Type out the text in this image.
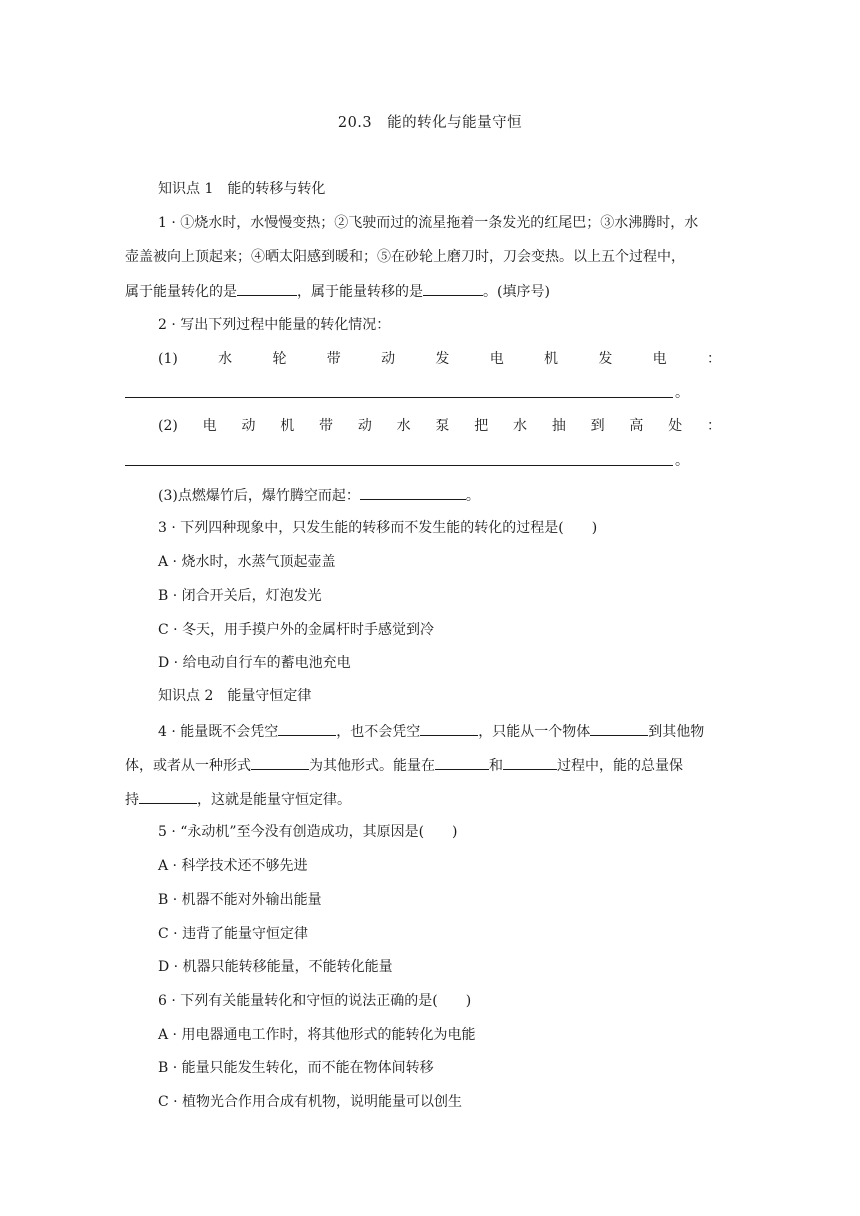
20.3　能的转化与能量守恒
知识点 1　能的转移与转化
1 · ①烧水时，水慢慢变热；②飞驶而过的流星拖着一条发光的红尾巴；③水沸腾时，水
壶盖被向上顶起来；④晒太阳感到暖和；⑤在砂轮上磨刀时，刀会变热。以上五个过程中，
属于能量转化的是	，属于能量转移的是	。(填序号)
2 · 写出下列过程中能量的转化情况：
(1)	水	轮	带	动	发	电	机	发	电	：
。
(2) 电 动 机 带 动 水 泵 把 水 抽 到 高 处 ：
。
(3)点燃爆竹后，爆竹腾空而起：	。
3 · 下列四种现象中，只发生能的转移而不发生能的转化的过程是(　　)
A · 烧水时，水蒸气顶起壶盖
B · 闭合开关后，灯泡发光
C · 冬天，用手摸户外的金属杆时手感觉到冷
D · 给电动自行车的蓄电池充电
知识点 2　能量守恒定律
4 · 能量既不会凭空	，也不会凭空	，只能从一个物体	到其他物
体，或者从一种形式	为其他形式。能量在	和	过程中，能的总量保
持	，这就是能量守恒定律。
5 · “永动机”至今没有创造成功，其原因是(　　)
A · 科学技术还不够先进
B · 机器不能对外输出能量
C · 违背了能量守恒定律
D · 机器只能转移能量，不能转化能量
6 · 下列有关能量转化和守恒的说法正确的是(　　)
A · 用电器通电工作时，将其他形式的能转化为电能
B · 能量只能发生转化，而不能在物体间转移
C · 植物光合作用合成有机物，说明能量可以创生
